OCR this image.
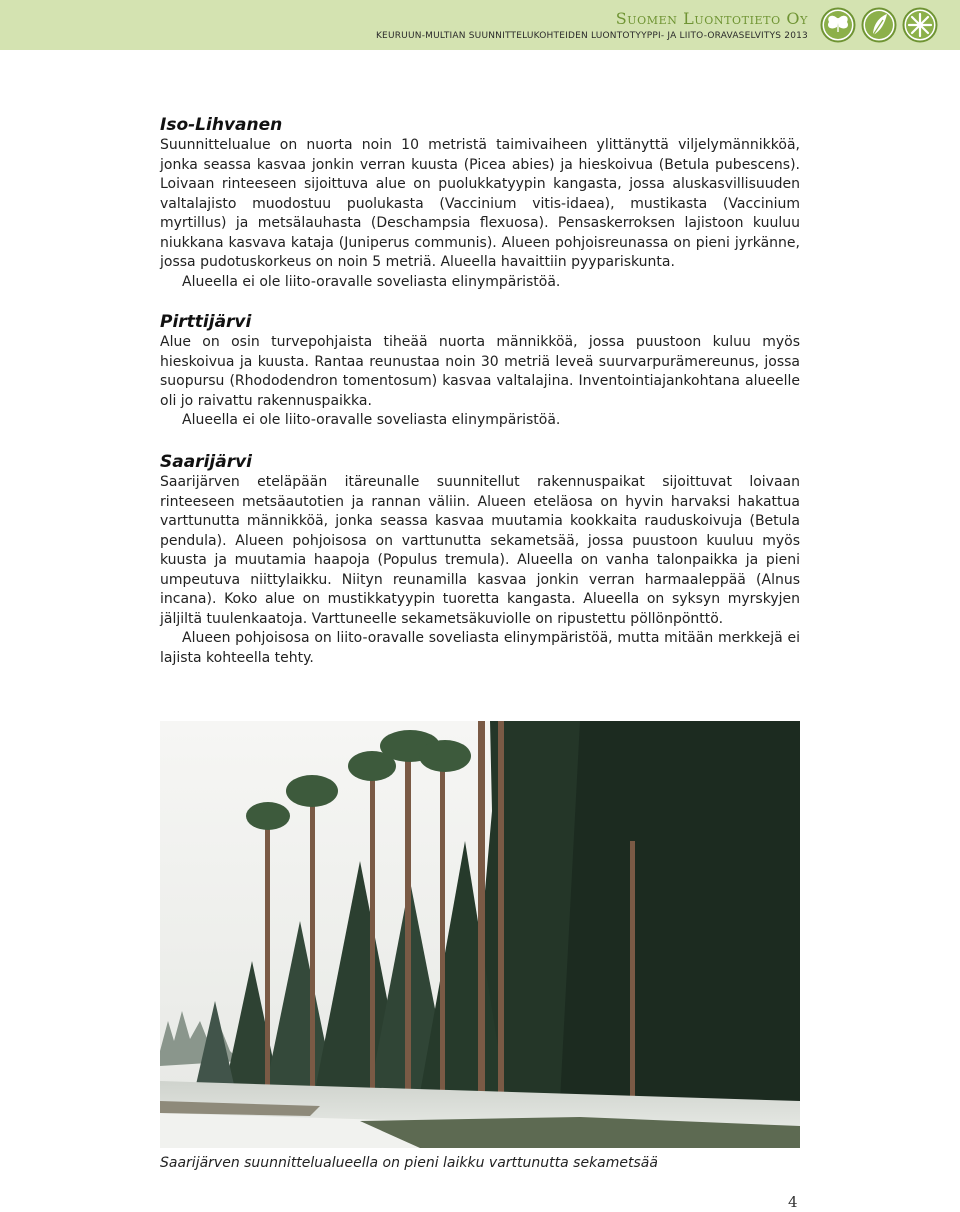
Suomen Luontotieto Oy
KEURUUN-MULTIAN SUUNNITTELUKOHTEIDEN LUONTOTYYPPI- JA LIITO-ORAVASELVITYS 2013
Iso-Lihvanen

Suunnittelualue on nuorta noin 10 metristä taimivaiheen ylittänyttä viljelymännikköä, jonka seassa kasvaa jonkin verran kuusta (Picea abies) ja hieskoivua (Betula pubescens). Loivaan rinteeseen sijoittuva alue on puolukkatyypin kangasta, jossa aluskasvillisuuden valtalajisto muodostuu puolukasta (Vaccinium vitis-idaea), mustikasta (Vaccinium myrtillus) ja metsälauhasta (Deschampsia flexuosa). Pensaskerroksen lajistoon kuuluu niukkana kasvava kataja (Juniperus communis). Alueen pohjoisreunassa on pieni jyrkänne, jossa pudotuskorkeus on noin 5 metriä. Alueella havaittiin pyypariskunta.

Alueella ei ole liito-oravalle soveliasta elinympäristöä.

Pirttijärvi

Alue on osin turvepohjaista tiheää nuorta männikköä, jossa puustoon kuluu myös hieskoivua ja kuusta. Rantaa reunustaa noin 30 metriä leveä suurvarpurämereunus, jossa suopursu (Rhododendron tomentosum) kasvaa valtalajina. Inventointiajankohtana alueelle oli jo raivattu rakennuspaikka.

Alueella ei ole liito-oravalle soveliasta elinympäristöä.

Saarijärvi

Saarijärven eteläpään itäreunalle suunnitellut rakennuspaikat sijoittuvat loivaan rinteeseen metsäautotien ja rannan väliin. Alueen eteläosa on hyvin harvaksi hakattua varttunutta männikköä, jonka seassa kasvaa muutamia kookkaita rauduskoivuja (Betula pendula). Alueen pohjoisosa on varttunutta sekametsää, jossa puustoon kuuluu myös kuusta ja muutamia haapoja (Populus tremula). Alueella on vanha talonpaikka ja pieni umpeutuva niittylaikku. Niityn reunamilla kasvaa jonkin verran harmaaleppää (Alnus incana). Koko alue on mustikkatyypin tuoretta kangasta. Alueella on syksyn myrskyjen jäljiltä tuulenkaatoja. Varttuneelle sekametsäkuviolle on ripustettu pöllönpönttö.

Alueen pohjoisosa on liito-oravalle soveliasta elinympäristöä, mutta mitään merkkejä ei lajista kohteella tehty.

Saarijärven suunnittelualueella on pieni laikku varttunutta sekametsää
4
